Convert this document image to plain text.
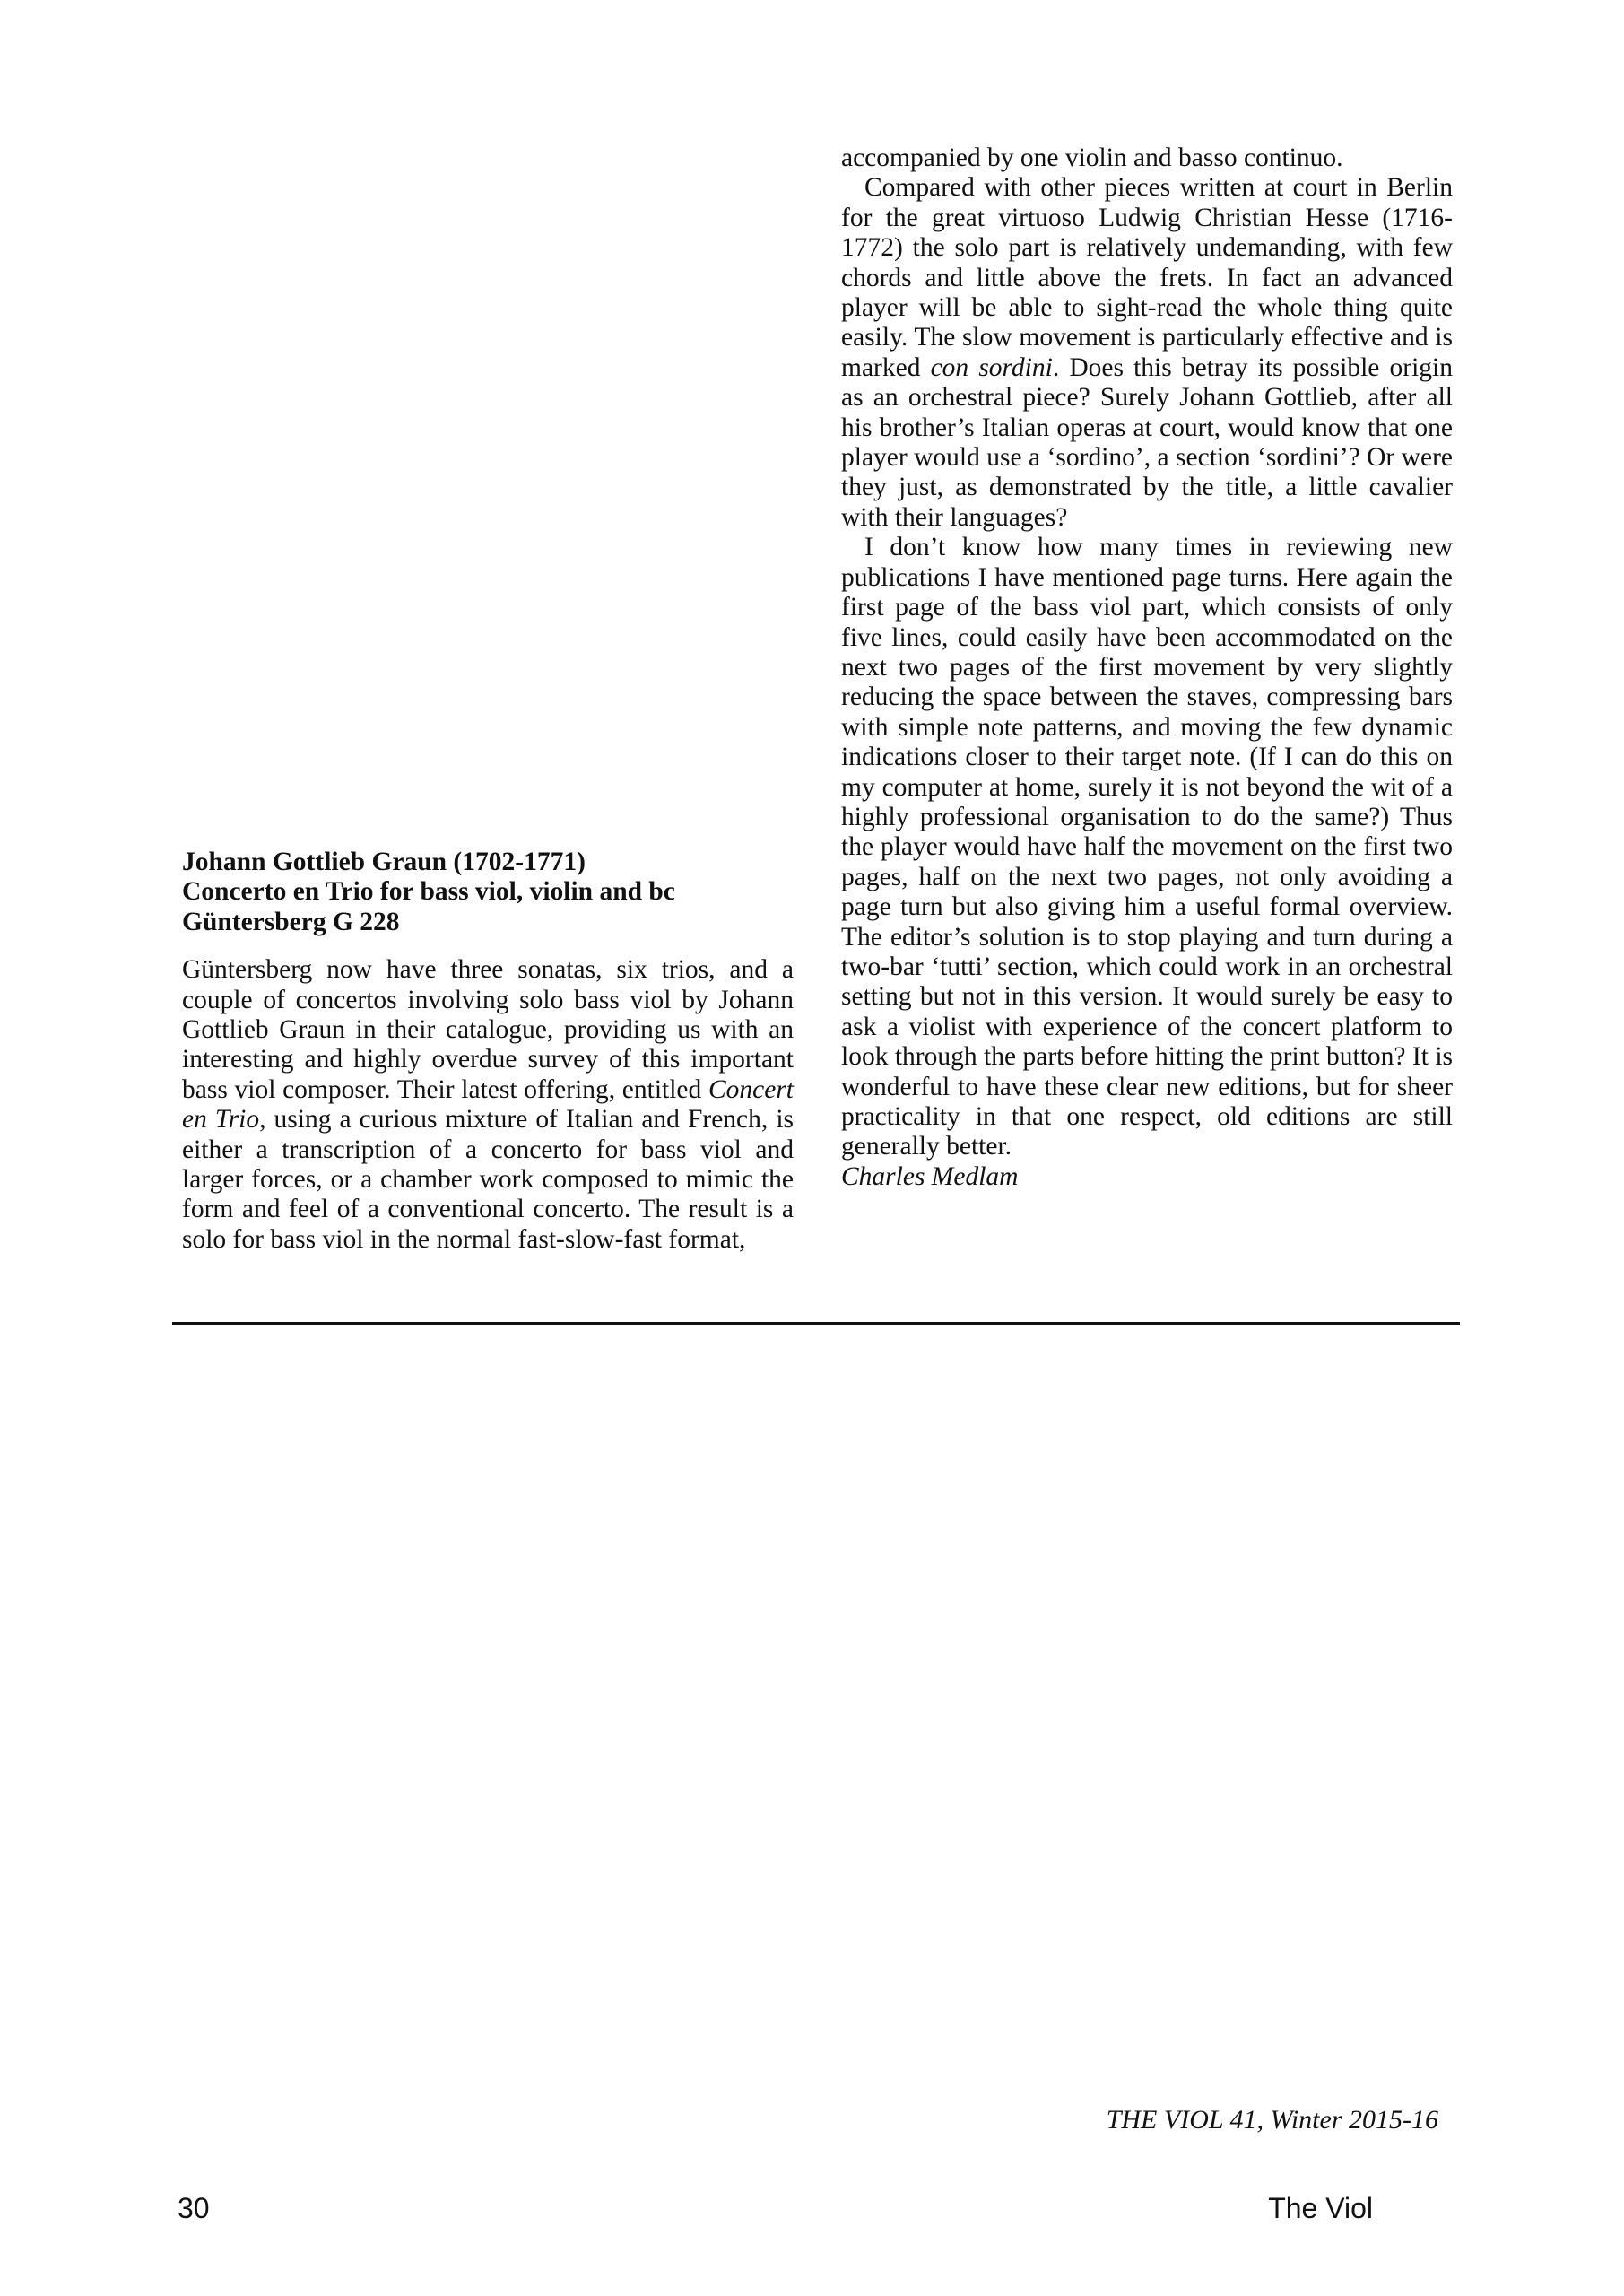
Johann Gottlieb Graun (1702-1771)
Concerto en Trio for bass viol, violin and bc
Güntersberg G 228

Güntersberg now have three sonatas, six trios, and a couple of concertos involving solo bass viol by Johann Gottlieb Graun in their catalogue, providing us with an interesting and highly overdue survey of this important bass viol composer. Their latest offering, entitled Concert en Trio, using a curious mixture of Italian and French, is either a transcription of a concerto for bass viol and larger forces, or a chamber work composed to mimic the form and feel of a conventional concerto. The result is a solo for bass viol in the normal fast-slow-fast format,

accompanied by one violin and basso continuo.

Compared with other pieces written at court in Berlin for the great virtuoso Ludwig Christian Hesse (1716-1772) the solo part is relatively undemanding, with few chords and little above the frets. In fact an advanced player will be able to sight-read the whole thing quite easily. The slow movement is particularly effective and is marked con sordini. Does this betray its possible origin as an orchestral piece? Surely Johann Gottlieb, after all his brother’s Italian operas at court, would know that one player would use a ‘sordino’, a section ‘sordini’? Or were they just, as demonstrated by the title, a little cavalier with their languages?

I don’t know how many times in reviewing new publications I have mentioned page turns. Here again the first page of the bass viol part, which consists of only five lines, could easily have been accommodated on the next two pages of the first movement by very slightly reducing the space between the staves, compressing bars with simple note patterns, and moving the few dynamic indications closer to their target note. (If I can do this on my computer at home, surely it is not beyond the wit of a highly professional organisation to do the same?) Thus the player would have half the movement on the first two pages, half on the next two pages, not only avoiding a page turn but also giving him a useful formal overview. The editor’s solution is to stop playing and turn during a two-bar ‘tutti’ section, which could work in an orchestral setting but not in this version. It would surely be easy to ask a violist with experience of the concert platform to look through the parts before hitting the print button? It is wonderful to have these clear new editions, but for sheer practicality in that one respect, old editions are still generally better.

Charles Medlam

THE VIOL 41, Winter 2015-16
30	The Viol
